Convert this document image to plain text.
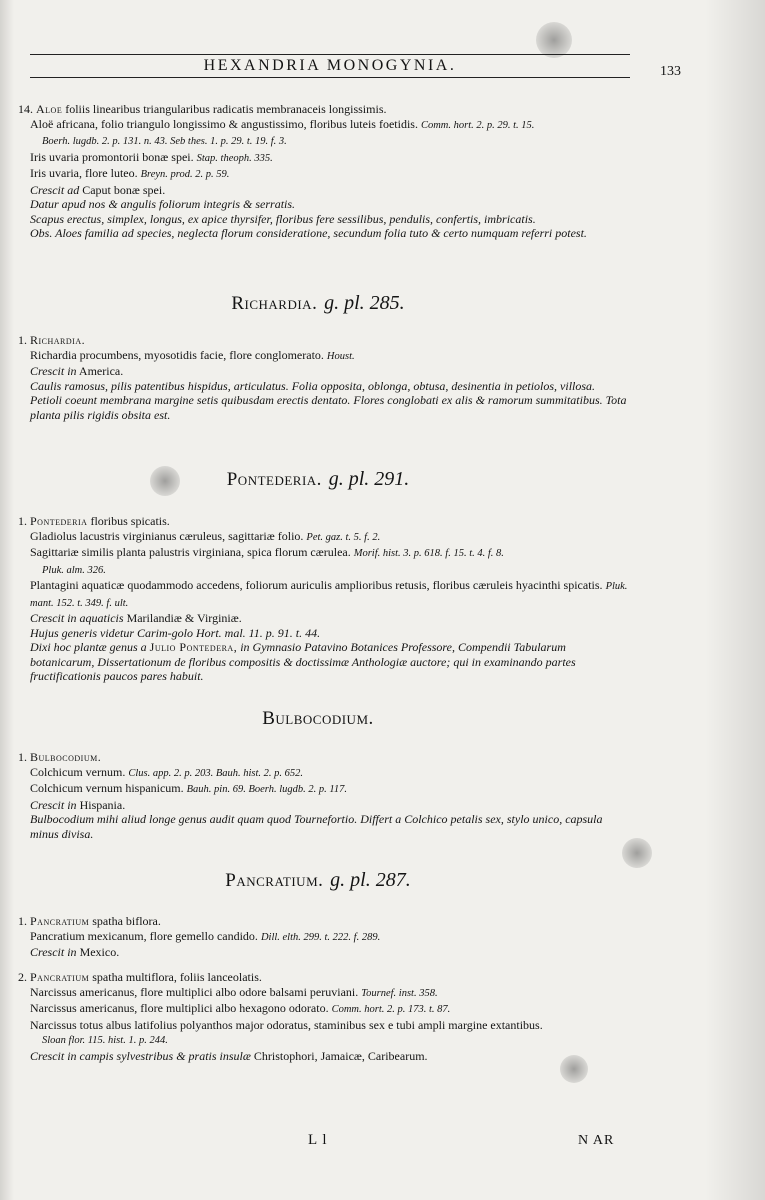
HEXANDRIA MONOGYNIA.	133
14. Aloe foliis linearibus triangularibus radicatis membranaceis longissimis.
Aloë africana, folio triangulo longissimo & angustissimo, floribus luteis foetidis. Comm. hort. 2. p. 29. t. 15.
Boerh. lugdb. 2. p. 131. n. 43. Seb thes. 1. p. 29. t. 19. f. 3.
Iris uvaria promontorii bonæ spei. Stap. theoph. 335.
Iris uvaria, flore luteo. Breyn. prod. 2. p. 59.
Crescit ad Caput bonæ spei.
Datur apud nos & angulis foliorum integris & serratis.
Scapus erectus, simplex, longus, ex apice thyrsifer, floribus fere sessilibus, pendulis, confertis, imbricatis.
Obs. Aloes familia ad species, neglecta florum consideratione, secundum folia tuto & certo numquam referri potest.
Richardia. g. pl. 285.
1. Richardia.
Richardia procumbens, myosotidis facie, flore conglomerato. Houst.
Crescit in America.
Caulis ramosus, pilis patentibus hispidus, articulatus. Folia opposita, oblonga, obtusa, desinentia in petiolos, villosa. Petioli coeunt membrana margine setis quibusdam erectis dentato. Flores conglobati ex alis & ramorum summitatibus. Tota planta pilis rigidis obsita est.
Pontederia. g. pl. 291.
1. Pontederia floribus spicatis.
Gladiolus lacustris virginianus cæruleus, sagittariæ folio. Pet. gaz. t. 5. f. 2.
Sagittariæ similis planta palustris virginiana, spica florum cærulea. Morif. hist. 3. p. 618. f. 15. t. 4. f. 8.
Pluk. alm. 326.
Plantagini aquaticæ quodammodo accedens, foliorum auriculis amplioribus retusis, floribus cæruleis hyacinthi spicatis. Pluk. mant. 152. t. 349. f. ult.
Crescit in aquaticis Marilandiæ & Virginiæ.
Hujus generis videtur Carim-golo Hort. mal. 11. p. 91. t. 44.
Dixi hoc plantæ genus a Julio Pontedera, in Gymnasio Patavino Botanices Professore, Compendii Tabularum botanicarum, Dissertationum de floribus compositis & doctissimæ Anthologiæ auctore; qui in examinando partes fructificationis paucos pares habuit.
Bulbocodium.
1. Bulbocodium.
Colchicum vernum. Clus. app. 2. p. 203. Bauh. hist. 2. p. 652.
Colchicum vernum hispanicum. Bauh. pin. 69. Boerh. lugdb. 2. p. 117.
Crescit in Hispania.
Bulbocodium mihi aliud longe genus audit quam quod Tournefortio. Differt a Colchico petalis sex, stylo unico, capsula minus divisa.
Pancratium. g. pl. 287.
1. Pancratium spatha biflora.
Pancratium mexicanum, flore gemello candido. Dill. elth. 299. t. 222. f. 289.
Crescit in Mexico.
2. Pancratium spatha multiflora, foliis lanceolatis.
Narcissus americanus, flore multiplici albo odore balsami peruviani. Tournef. inst. 358.
Narcissus americanus, flore multiplici albo hexagono odorato. Comm. hort. 2. p. 173. t. 87.
Narcissus totus albus latifolius polyanthos major odoratus, staminibus sex e tubi ampli margine extantibus.
Sloan flor. 115. hist. 1. p. 244.
Crescit in campis sylvestribus & pratis insulæ Christophori, Jamaicæ, Caribearum.
L l	N AR
